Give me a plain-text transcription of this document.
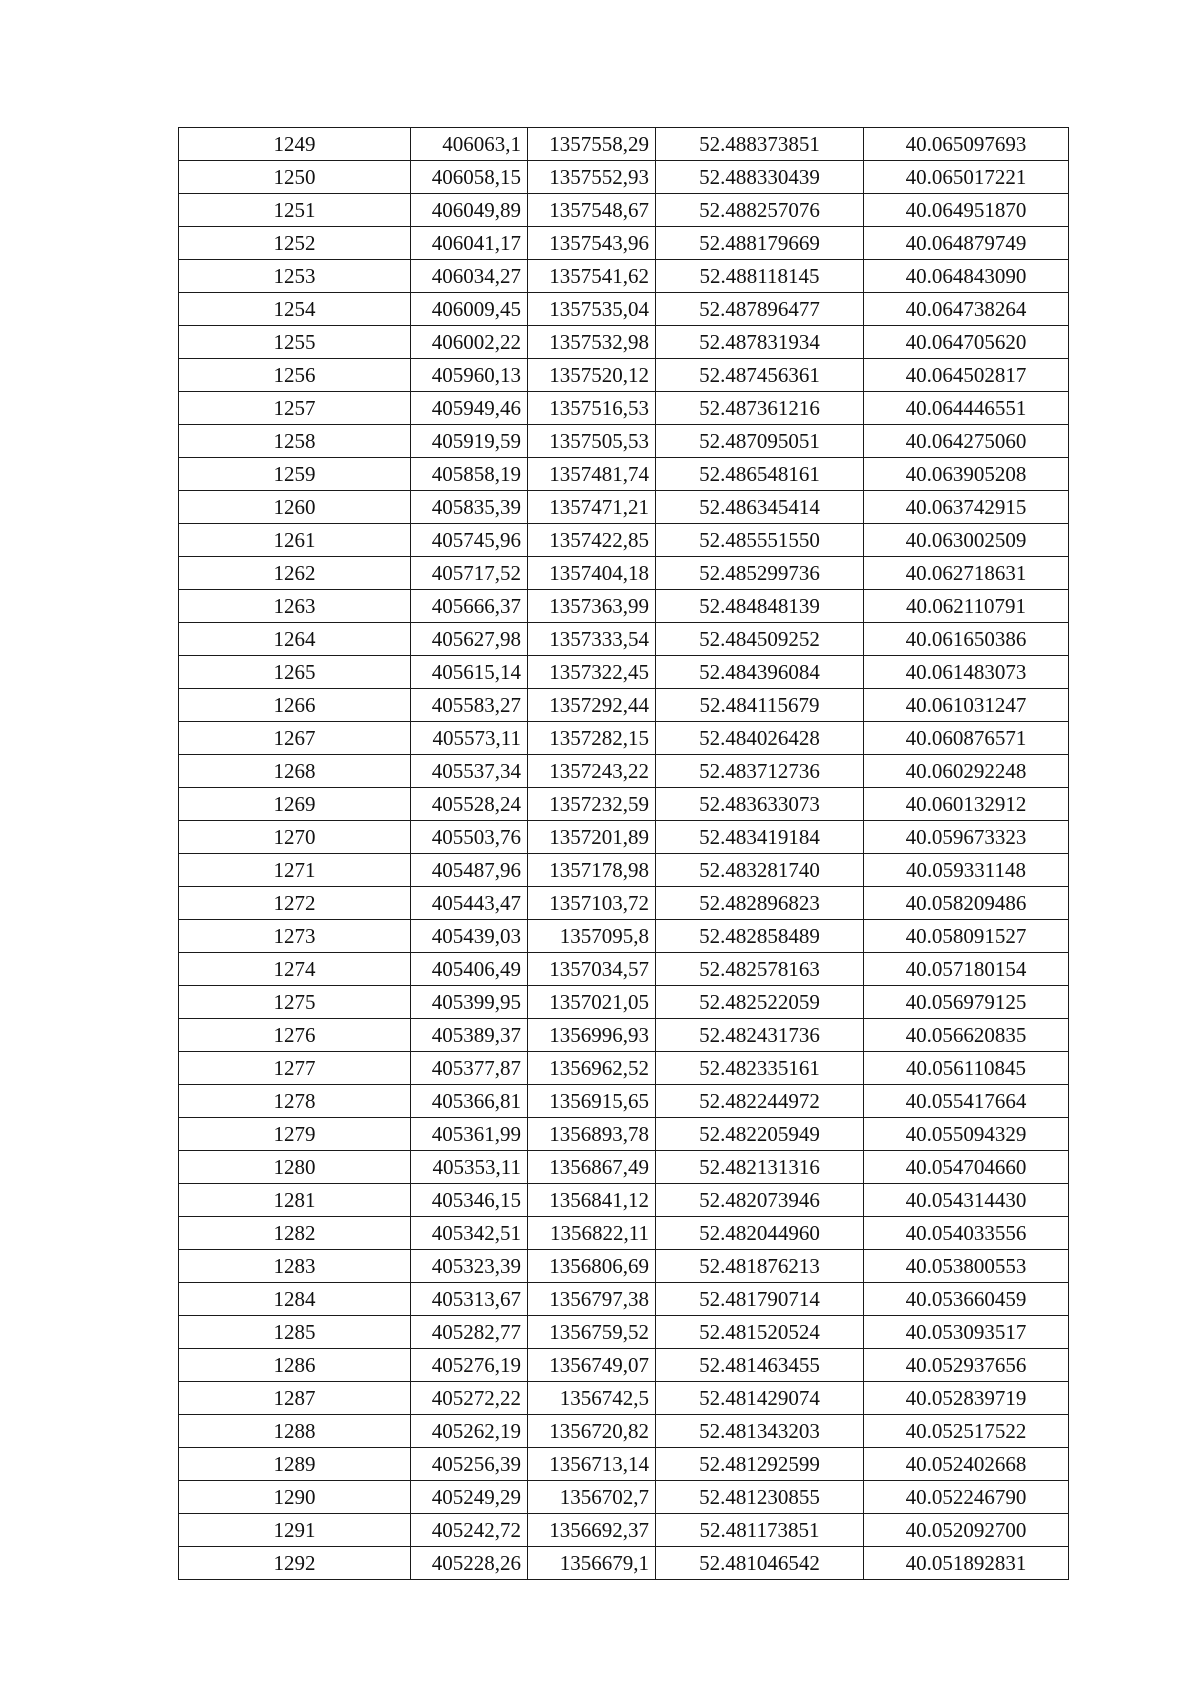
1249	406063,1	1357558,29	52.488373851	40.065097693
1250	406058,15	1357552,93	52.488330439	40.065017221
1251	406049,89	1357548,67	52.488257076	40.064951870
1252	406041,17	1357543,96	52.488179669	40.064879749
1253	406034,27	1357541,62	52.488118145	40.064843090
1254	406009,45	1357535,04	52.487896477	40.064738264
1255	406002,22	1357532,98	52.487831934	40.064705620
1256	405960,13	1357520,12	52.487456361	40.064502817
1257	405949,46	1357516,53	52.487361216	40.064446551
1258	405919,59	1357505,53	52.487095051	40.064275060
1259	405858,19	1357481,74	52.486548161	40.063905208
1260	405835,39	1357471,21	52.486345414	40.063742915
1261	405745,96	1357422,85	52.485551550	40.063002509
1262	405717,52	1357404,18	52.485299736	40.062718631
1263	405666,37	1357363,99	52.484848139	40.062110791
1264	405627,98	1357333,54	52.484509252	40.061650386
1265	405615,14	1357322,45	52.484396084	40.061483073
1266	405583,27	1357292,44	52.484115679	40.061031247
1267	405573,11	1357282,15	52.484026428	40.060876571
1268	405537,34	1357243,22	52.483712736	40.060292248
1269	405528,24	1357232,59	52.483633073	40.060132912
1270	405503,76	1357201,89	52.483419184	40.059673323
1271	405487,96	1357178,98	52.483281740	40.059331148
1272	405443,47	1357103,72	52.482896823	40.058209486
1273	405439,03	1357095,8	52.482858489	40.058091527
1274	405406,49	1357034,57	52.482578163	40.057180154
1275	405399,95	1357021,05	52.482522059	40.056979125
1276	405389,37	1356996,93	52.482431736	40.056620835
1277	405377,87	1356962,52	52.482335161	40.056110845
1278	405366,81	1356915,65	52.482244972	40.055417664
1279	405361,99	1356893,78	52.482205949	40.055094329
1280	405353,11	1356867,49	52.482131316	40.054704660
1281	405346,15	1356841,12	52.482073946	40.054314430
1282	405342,51	1356822,11	52.482044960	40.054033556
1283	405323,39	1356806,69	52.481876213	40.053800553
1284	405313,67	1356797,38	52.481790714	40.053660459
1285	405282,77	1356759,52	52.481520524	40.053093517
1286	405276,19	1356749,07	52.481463455	40.052937656
1287	405272,22	1356742,5	52.481429074	40.052839719
1288	405262,19	1356720,82	52.481343203	40.052517522
1289	405256,39	1356713,14	52.481292599	40.052402668
1290	405249,29	1356702,7	52.481230855	40.052246790
1291	405242,72	1356692,37	52.481173851	40.052092700
1292	405228,26	1356679,1	52.481046542	40.051892831
